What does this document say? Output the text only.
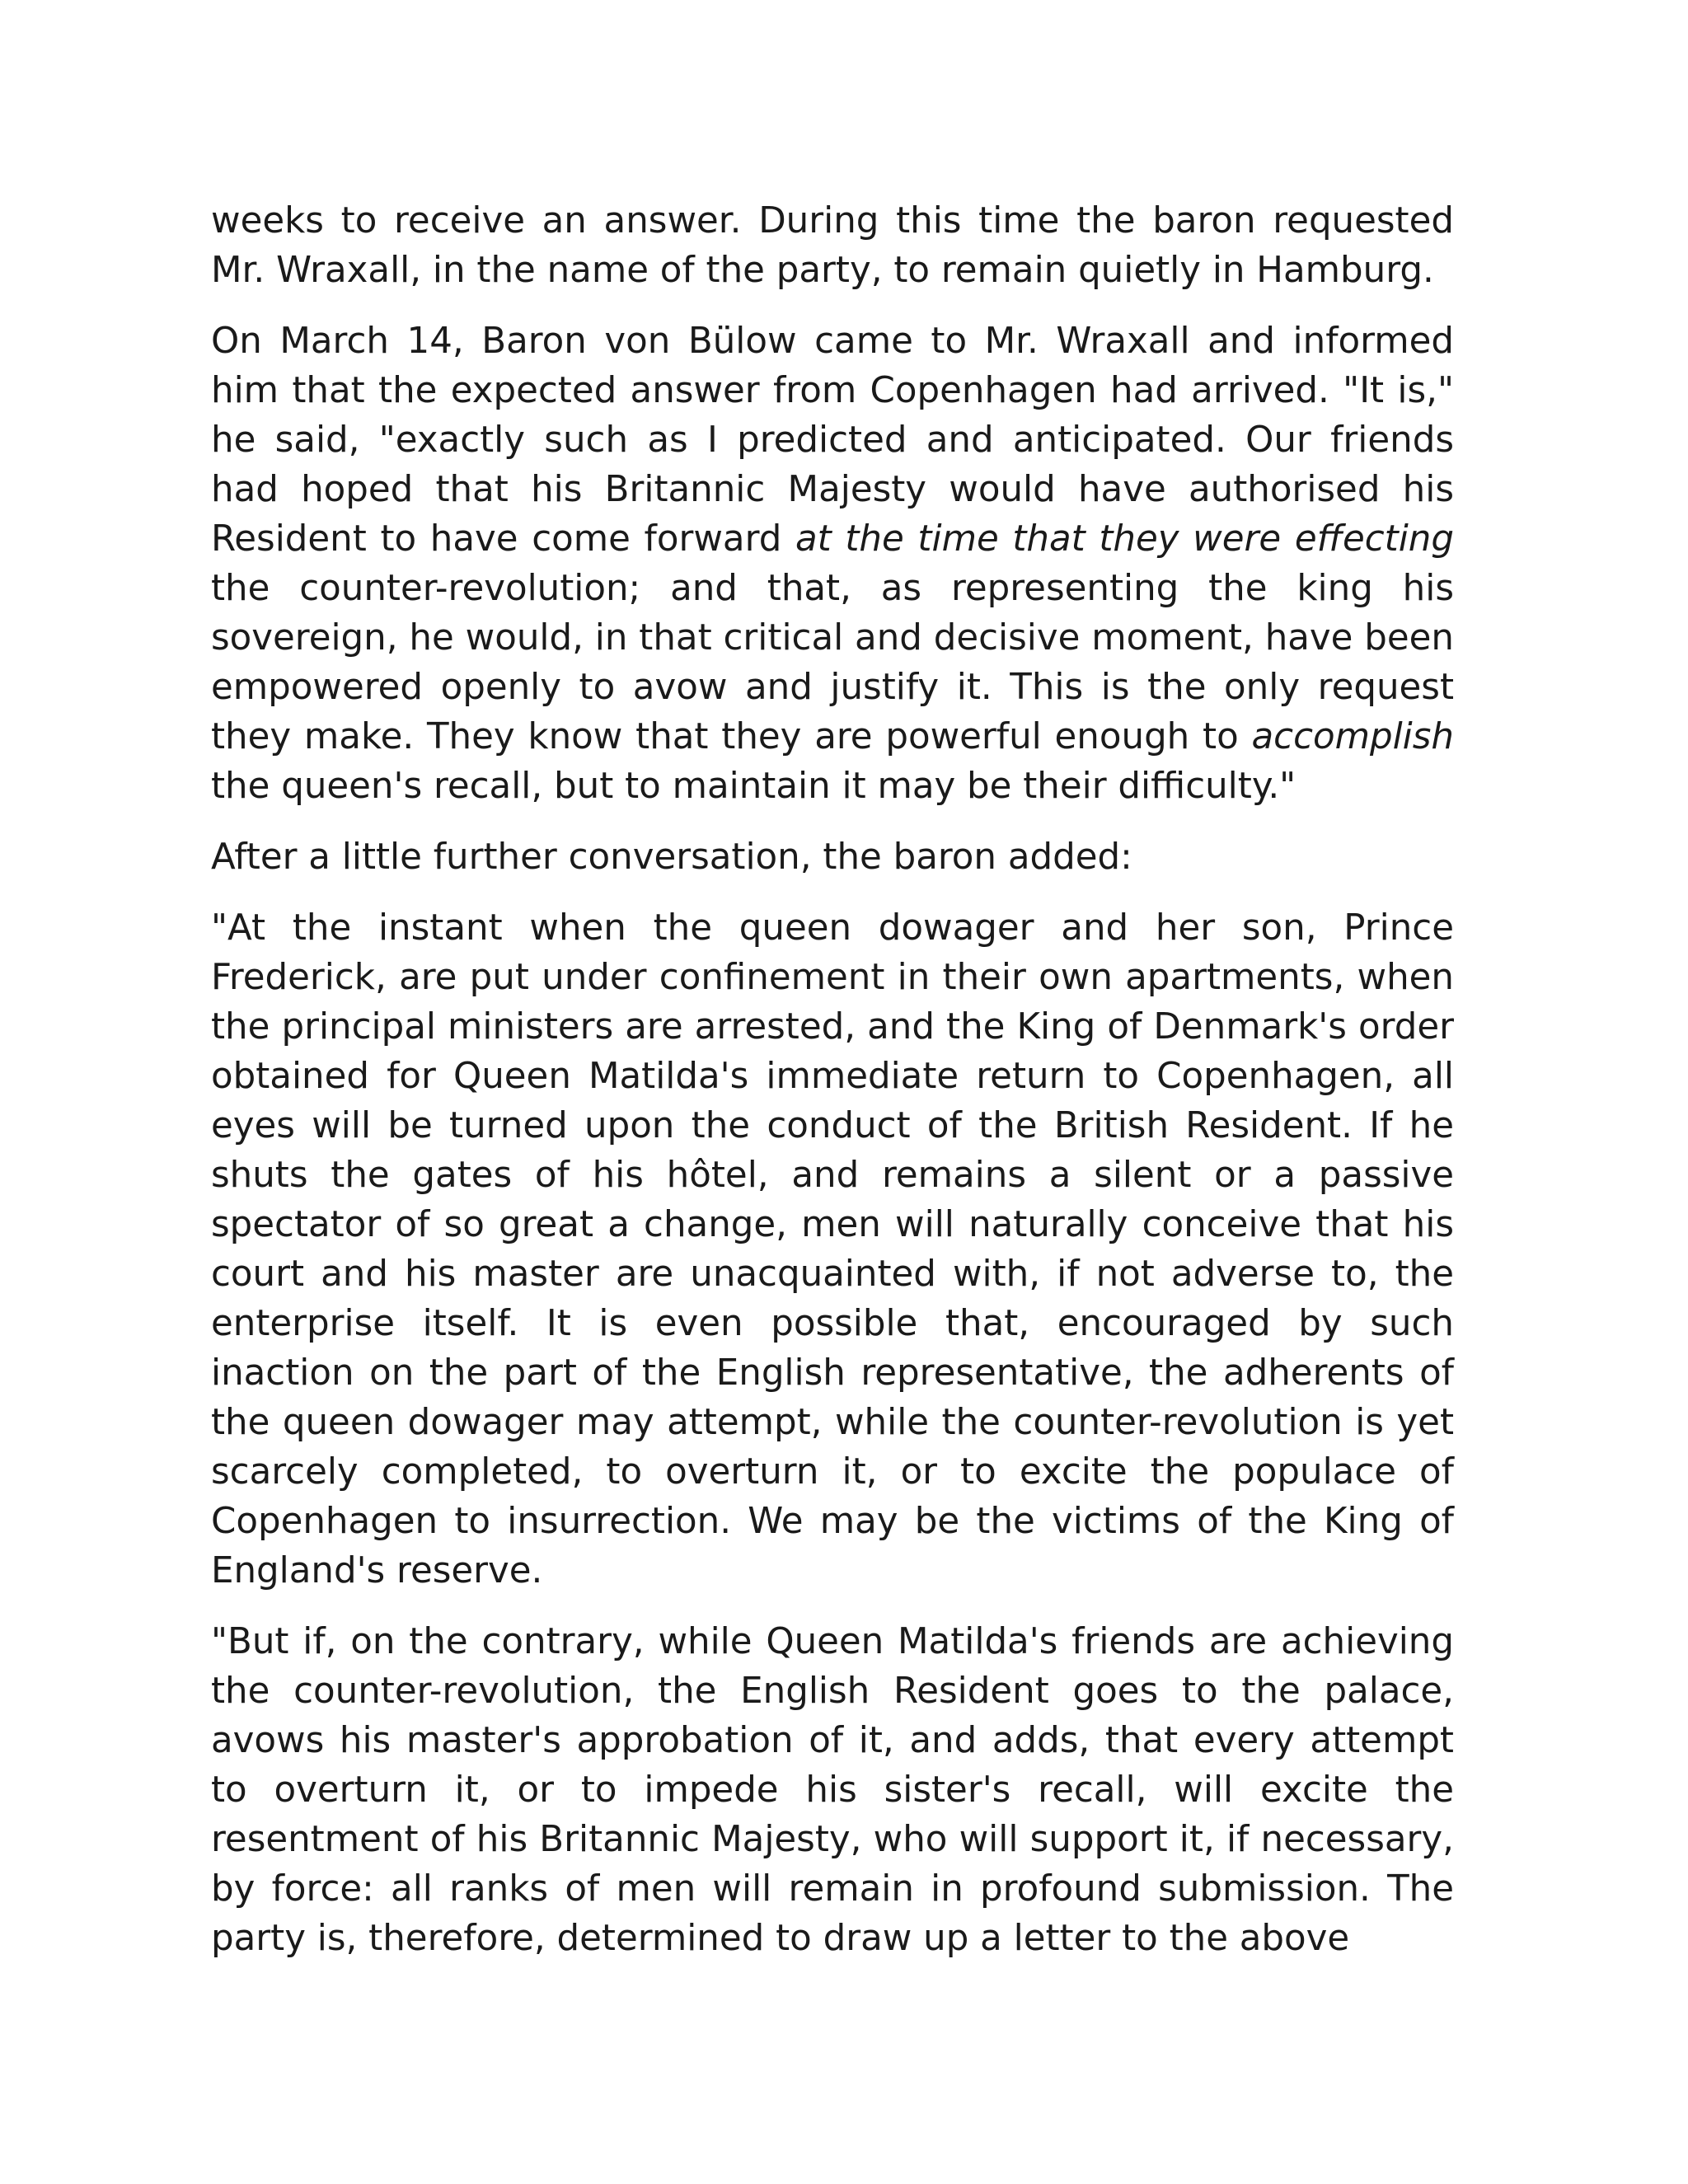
weeks to receive an answer. During this time the baron requested Mr. Wraxall, in the name of the party, to remain quietly in Hamburg.

On March 14, Baron von Bülow came to Mr. Wraxall and informed him that the expected answer from Copenhagen had arrived. "It is," he said, "exactly such as I predicted and anticipated. Our friends had hoped that his Britannic Majesty would have authorised his Resident to have come forward at the time that they were effecting the counter-revolution; and that, as representing the king his sovereign, he would, in that critical and decisive moment, have been empowered openly to avow and justify it. This is the only request they make. They know that they are powerful enough to accomplish the queen's recall, but to maintain it may be their difficulty."

After a little further conversation, the baron added:

"At the instant when the queen dowager and her son, Prince Frederick, are put under confinement in their own apartments, when the principal ministers are arrested, and the King of Denmark's order obtained for Queen Matilda's immediate return to Copenhagen, all eyes will be turned upon the conduct of the British Resident. If he shuts the gates of his hôtel, and remains a silent or a passive spectator of so great a change, men will naturally conceive that his court and his master are unacquainted with, if not adverse to, the enterprise itself. It is even possible that, encouraged by such inaction on the part of the English representative, the adherents of the queen dowager may attempt, while the counter-revolution is yet scarcely completed, to overturn it, or to excite the populace of Copenhagen to insurrection. We may be the victims of the King of England's reserve.

"But if, on the contrary, while Queen Matilda's friends are achieving the counter-revolution, the English Resident goes to the palace, avows his master's approbation of it, and adds, that every attempt to overturn it, or to impede his sister's recall, will excite the resentment of his Britannic Majesty, who will support it, if necessary, by force: all ranks of men will remain in profound submission. The party is, therefore, determined to draw up a letter to the above
